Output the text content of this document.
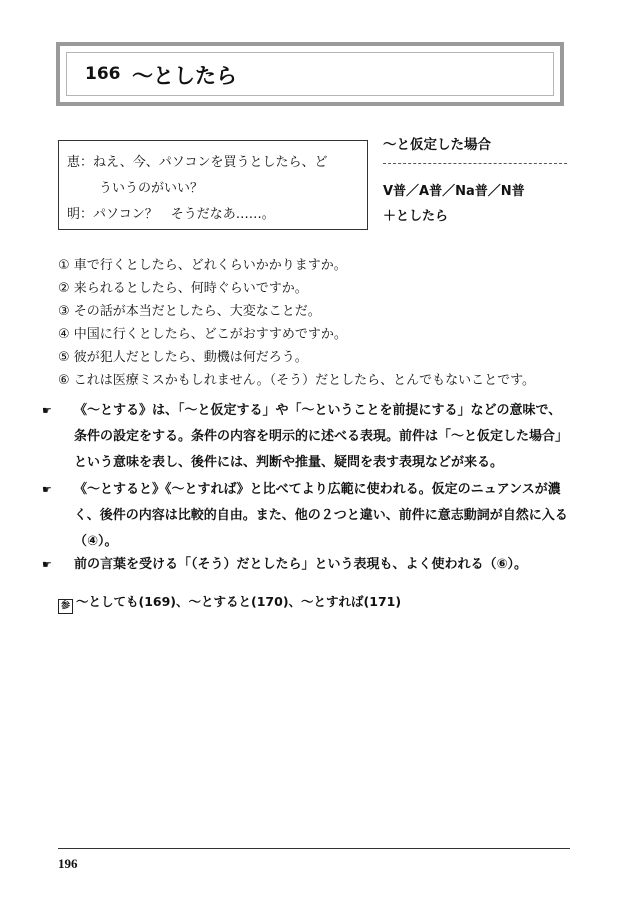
166 〜としたら
恵：ねえ、今、パソコンを買うとしたら、ど
ういうのがいい？
明：パソコン？　そうだなあ……。
〜と仮定した場合
V普／A普／Na普／N普
＋としたら
① 車で行くとしたら、どれくらいかかりますか。
② 来られるとしたら、何時ぐらいですか。
③ その話が本当だとしたら、大変なことだ。
④ 中国に行くとしたら、どこがおすすめですか。
⑤ 彼が犯人だとしたら、動機は何だろう。
⑥ これは医療ミスかもしれません。（そう）だとしたら、とんでもないことです。
☛ 《〜とする》は、「〜と仮定する」や「〜ということを前提にする」などの意味で、条件の設定をする。条件の内容を明示的に述べる表現。前件は「〜と仮定した場合」という意味を表し、後件には、判断や推量、疑問を表す表現などが来る。
☛ 《〜とすると》《〜とすれば》と比べてより広範に使われる。仮定のニュアンスが濃く、後件の内容は比較的自由。また、他の２つと違い、前件に意志動詞が自然に入る（④）。
☛ 前の言葉を受ける「（そう）だとしたら」という表現も、よく使われる（⑥）。
参 〜としても(169)、〜とすると(170)、〜とすれば(171)
196
